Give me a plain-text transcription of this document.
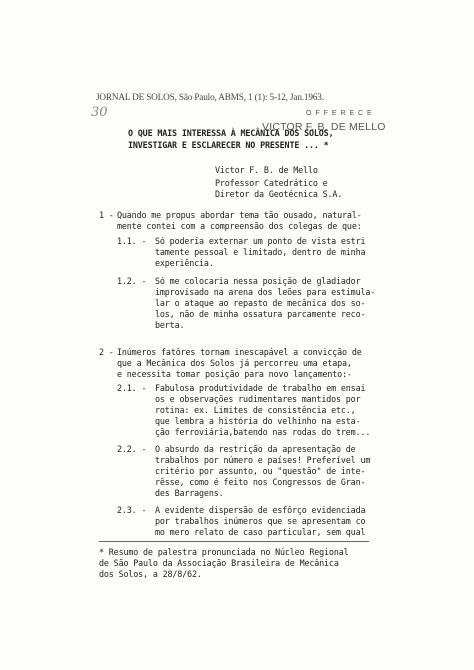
30
JORNAL DE SOLOS, São Paulo, ABMS, 1 (1): 5-12, Jan.1963.
O F F E R E C E
VICTOR F. B. DE MELLO
O QUE MAIS INTERESSA À MECÂNICA DOS SOLOS,
INVESTIGAR E ESCLARECER NO PRESENTE ... *
Victor F. B. de Mello
Professor Catedrático e
Diretor da Geotécnica S.A.
1 - Quando me propus abordar tema tão ousado, natural-
mente contei com a compreensão dos colegas de que:
1.1. - Só poderia externar um ponto de vista estri
tamente pessoal e limitado, dentro de minha
experiência.
1.2. - Só me colocaria nessa posição de gladiador
improvisado na arena dos leões para estimula-
lar o ataque ao repasto de mecânica dos so-
los, não de minha ossatura parcamente reco-
berta.
2 - Inúmeros fatôres tornam inescapável a convicção de
que a Mecânica dos Solos já percorreu uma etapa,
e necessita tomar posição para novo lançamento:-
2.1. - Fabulosa produtividade de trabalho em ensai
os e observações rudimentares mantidos por
rotina: ex. Limites de consistência etc.,
que lembra a história do velhinho na esta-
ção ferroviária,batendo nas rodas do trem...
2.2. - O absurdo da restrição da apresentação de
trabalhos por número e países! Preferível um
critério por assunto, ou "questão" de inte-
rêsse, como é feito nos Congressos de Gran-
des Barragens.
2.3. - A evidente dispersão de esfôrço evidenciada
por trabalhos inúmeros que se apresentam co
mo mero relato de caso particular, sem qual
* Resumo de palestra pronunciada no Núcleo Regional
de São Paulo da Associação Brasileira de Mecânica
dos Solos, a 28/8/62.
